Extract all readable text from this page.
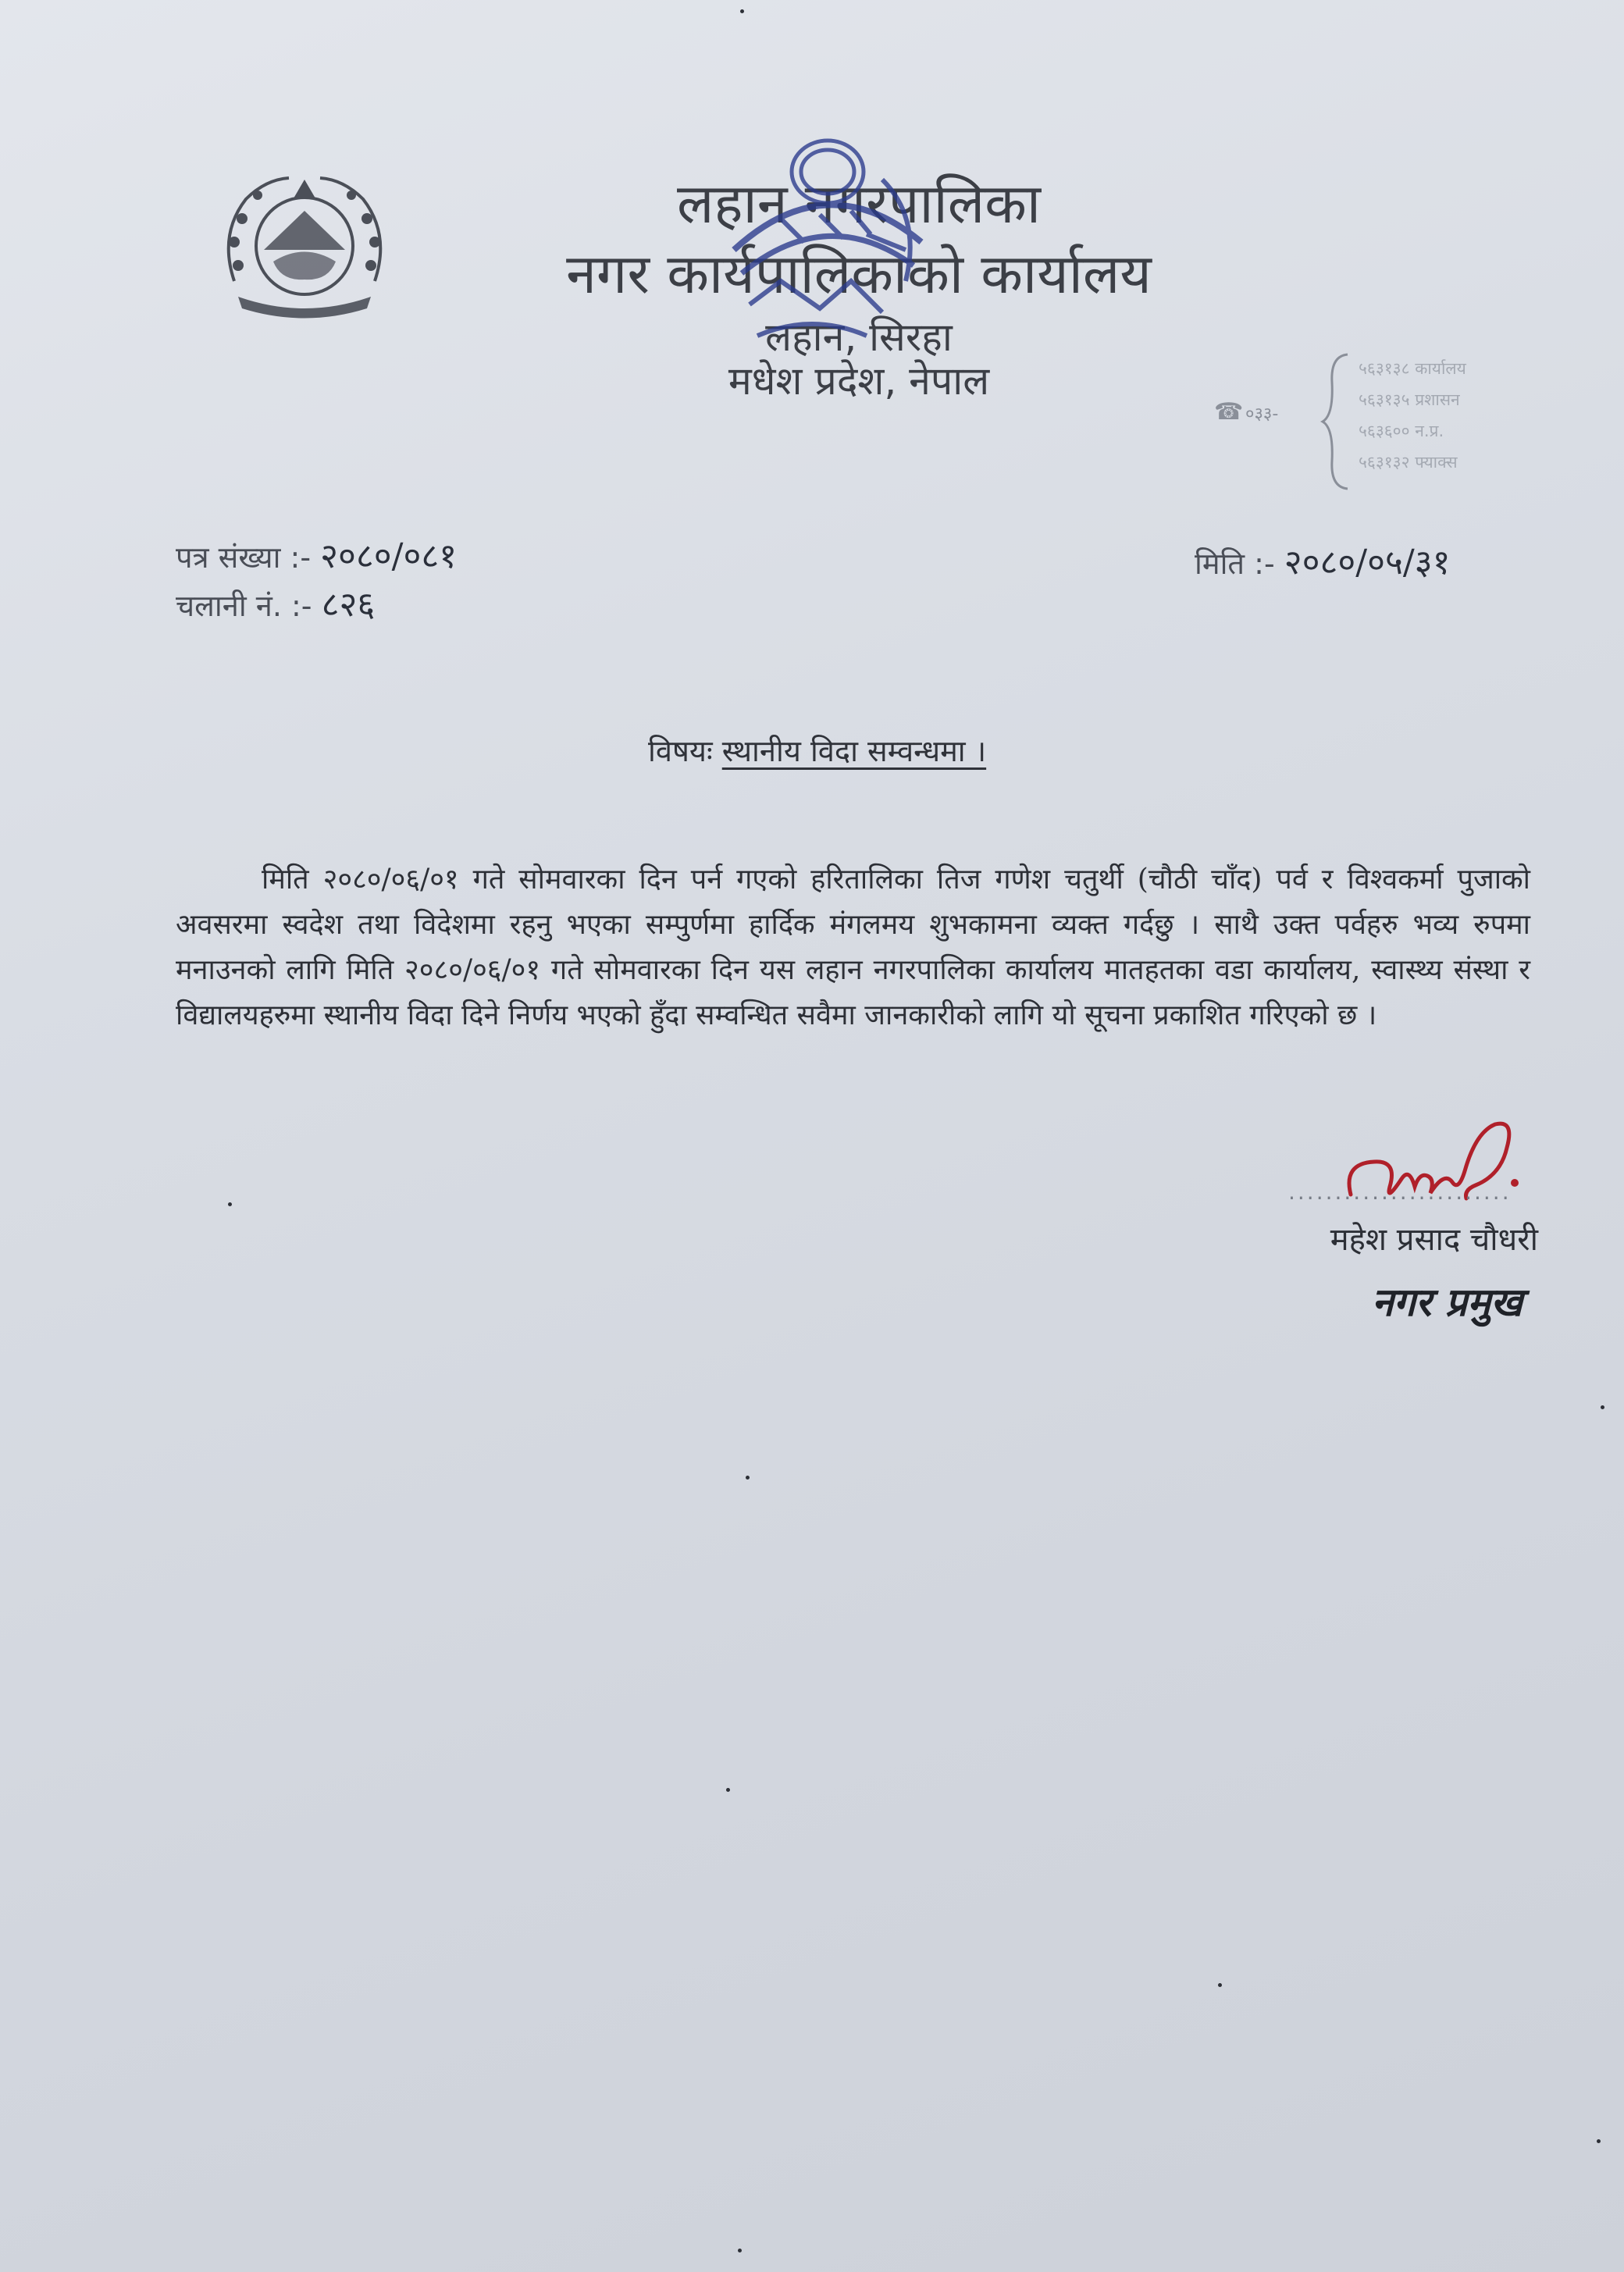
लहान नगरपालिका
नगर कार्यपालिकाको कार्यालय
लहान, सिरहा
मधेश प्रदेश, नेपाल
☎ ०३३-
५६३१३८ कार्यालय
५६३१३५ प्रशासन
५६३६०० न.प्र.
५६३१३२ फ्याक्स
पत्र संख्या :- २०८०/०८१
चलानी नं. :- ८२६
मिति :- २०८०/०५/३१
विषयः स्थानीय विदा सम्वन्धमा ।
मिति २०८०/०६/०१ गते सोमवारका दिन पर्न गएको हरितालिका तिज गणेश चतुर्थी (चौठी चाँद) पर्व र विश्वकर्मा पुजाको अवसरमा स्वदेश तथा विदेशमा रहनु भएका सम्पुर्णमा हार्दिक मंगलमय शुभकामना व्यक्त गर्दछु । साथै उक्त पर्वहरु भव्य रुपमा मनाउनको लागि मिति २०८०/०६/०१ गते सोमवारका दिन यस लहान नगरपालिका कार्यालय मातहतका वडा कार्यालय, स्वास्थ्य संस्था र विद्यालयहरुमा स्थानीय विदा दिने निर्णय भएको हुँदा सम्वन्धित सवैमा जानकारीको लागि यो सूचना प्रकाशित गरिएको छ ।
........................
महेश प्रसाद चौधरी
नगर प्रमुख
